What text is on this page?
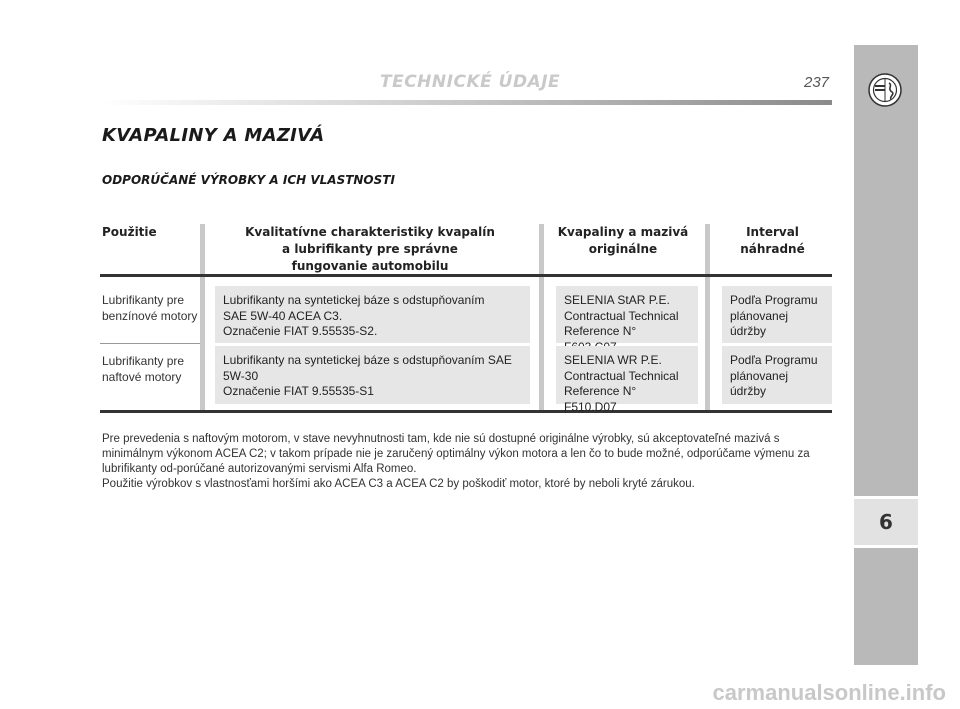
TECHNICKÉ ÚDAJE	237
6
KVAPALINY A MAZIVÁ
ODPORÚČANÉ VÝROBKY A ICH VLASTNOSTI
Použitie	Kvalitatívne charakteristiky kvapalín
a lubrifikanty pre správne
fungovanie automobilu
Kvapaliny a mazivá
originálne
Interval
náhradné
Lubrifikanty pre
benzínové motory
Lubrifikanty na syntetickej báze s odstupňovaním
SAE 5W-40 ACEA C3.
Označenie FIAT 9.55535-S2.
SELENIA StAR P.E.
Contractual Technical
Reference N°
Podľa Programu
plánovanej údržby
Lubrifikanty pre
naftové motory
Lubrifikanty na syntetickej báze s odstupňovaním SAE 5W-30
Označenie FIAT 9.55535-S1
SELENIA WR P.E.
Contractual Technical
Reference N° F510.D07
Podľa Programu
plánovanej údržby

Pre prevedenia s naftovým motorom, v stave nevyhnutnosti tam, kde nie sú dostupné originálne výrobky, sú akceptovateľné mazivá s minimálnym výkonom ACEA C2; v takom prípade nie je zaručený optimálny výkon motora a len čo to bude možné, odporúčame výmenu za lubrifikanty od-porúčané autorizovanými servismi Alfa Romeo.

Použitie výrobkov s vlastnosťami horšími ako ACEA C3 a ACEA C2 by poškodiť motor, ktoré by neboli kryté zárukou.

carmanualsonline.info
